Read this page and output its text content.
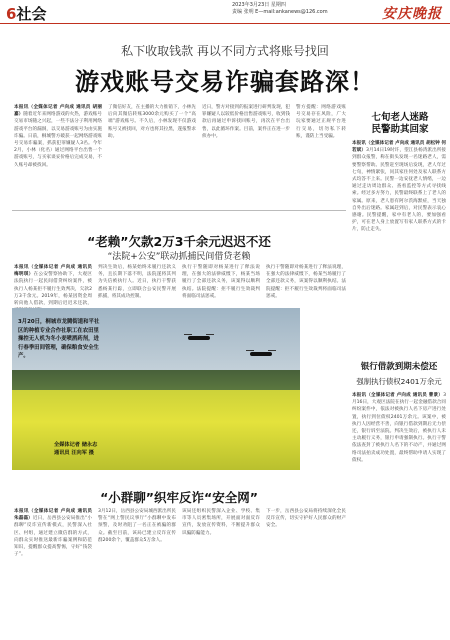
6社会	2023年3月23日 星期四
责编 张明 E—mail:ankanews@126.com	安庆晚报
私下收取钱款 再以不同方式将账号找回
游戏账号交易诈骗套路深！
本报讯（全媒体记者 卢向成 通讯员 胡丽嘉）随着近年来网络游戏的火热，游戏账号交易市场随之兴起，一些不法分子利用网络游戏平台的漏洞，以交易游戏账号为由实施诈骗。日前，桐城警方破获一起网络游戏账号交易诈骗案，抓获犯罪嫌疑人3名。今年2月，小林（化名）通过网络平台出售一个游戏账号，与买家谈妥价格后完成交易，不久账号却被找回。
了微信好友，在主播的大力推销下，小林先后向其微信转账3000余元购买了一个“高端”游戏账号。不久后，小林发现不仅游戏账号又被找回，对方也将其拉黑，遂报警求助。
近日，警方对接到的报案进行研判发现，犯罪嫌疑人以较低价格出售游戏账号，收到钱款后再通过申诉找回账号，再次在平台出售，以此循环作案。目前，案件正在进一步侦办中。
警方提醒：网络游戏账号交易存在风险，广大玩家要通过正规平台进行交易，切勿私下转账，谨防上当受骗。
七旬老人迷路
民警助其回家
本报讯（全媒体记者 卢向成 通讯员 胡松钟 何若斌）3月14日19时许，望江县杨湾派出所接到群众报警，称在街头发现一名迷路老人，需要警察帮助。民警赶至现场后发现，老人年过七旬，神情紧张，问其家住何处及家人联系方式均答不上来。民警一边安抚老人情绪，一边通过走访周边群众、查看监控等方式寻找线索。经过多方努力，民警最终联系上了老人的家属。原来，老人患有阿尔茨海默症，当天独自外出后迷路。家属赶到后，对民警表示衷心感谢。民警提醒，家中有老人的，要加强看护，可在老人身上放置写有家人联系方式的卡片，防止走失。
“老赖”欠款2万3千余元迟迟不还
“法院+公安”联动抓捕民间借贷老赖
本报讯（全媒体记者 卢向成 通讯员 梅明琪）在公安警察协助下，大观区法院执行一起民间借贷纠纷案件，被执行人杨某拒不履行生效判决，欠款2万3千余元。2019年，杨某因资金周转向他人借款，到期后迟迟未还款，
判决生效后，杨某始终未履行还款义务，且长期下落不明，法院遂将其列为失信被执行人。近日，执行干警获悉杨某行踪，立即联合公安民警开展抓捕，将其成功控制。
执行干警随即对杨某进行了释法说理，在强大的法律威慑下，杨某当场履行了全部还款义务，该案得以顺利执结。法院提醒：拒不履行生效裁判将面临司法惩戒。
执行干警随即对杨某进行了释法说理，在强大的法律威慑下，杨某当场履行了全部还款义务，该案得以顺利执结。法院提醒：拒不履行生效裁判将面临司法惩戒。
3月20日，桐城市龙腾街道和平社区的种植专业合作社职工在农田里操控无人机为冬小麦喷洒药剂，进行春季田间管理，确保粮食安全生产。
全媒体记者 储永志
通讯员 汪向军 摄
银行借款到期未偿还
强制执行债权2401万余元
本报讯（全媒体记者 卢向成 通讯员 曹景）3月16日，大观区法院在执行一起金融借款合同纠纷案件中，依法对被执行人名下房产进行处置，执行到位债权2401万余元。该案中，被执行人因经营不善，向银行借款到期后无力偿还，银行诉至法院。判决生效后，被执行人未主动履行义务，银行申请强制执行。执行干警依法查封了被执行人名下的不动产，并通过网络司法拍卖成功处置，最终帮助申请人实现了债权。
“小群聊”织牢反诈“安全网”
本报讯（全媒体记者 卢向成 通讯员 朱磊磊）近日，岳西县公安局推出“小群聊”反诈宣传新模式，民警深入社区、村组，通过建立微信群的方式，向群众实时推送最新诈骗案例和防范知识，提醒群众提高警惕，守好“钱袋子”。
3月12日，岳西县公安局城西派出所民警在“网上警民议事厅”小群聊中发布预警，及时劝阻了一名正在被骗的群众。截至目前，该局已建立反诈宣传群200余个，覆盖群众5万余人。
该局还组织民警深入企业、学校、集市等人员密集场所，开展面对面反诈宣传，发放宣传资料，不断提升群众识骗防骗能力。
下一步，岳西县公安局将持续深化全民反诈宣传，切实守护好人民群众的财产安全。
